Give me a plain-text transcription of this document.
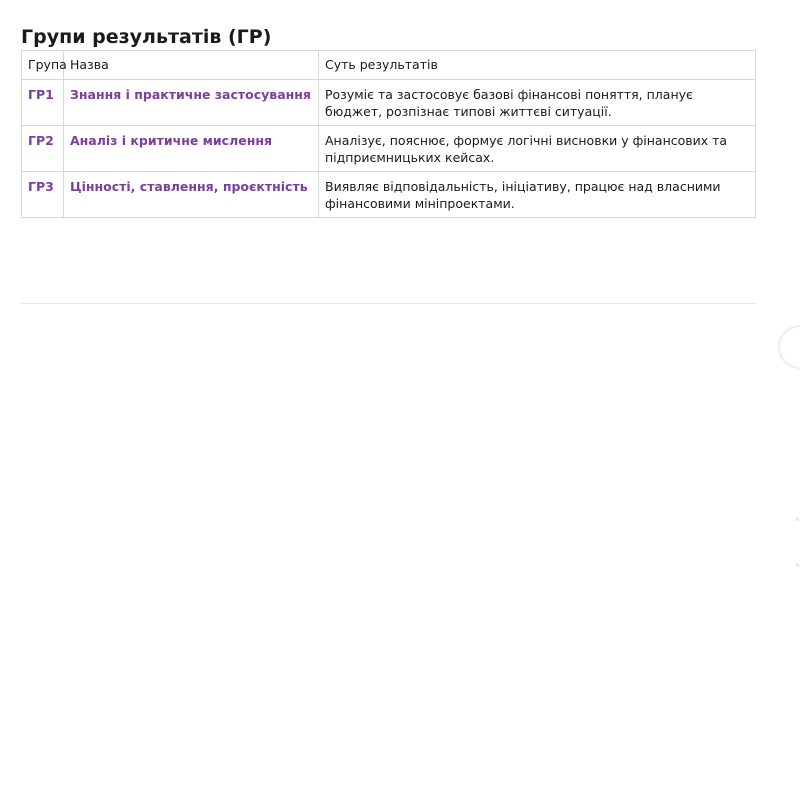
Групи результатів (ГР)
Група	Назва	Суть результатів
ГР1	Знання і практичне застосування	Розуміє та застосовує базові фінансові поняття, планує бюджет, розпізнає типові життєві ситуації.
ГР2	Аналіз і критичне мислення	Аналізує, пояснює, формує логічні висновки у фінансових та підприємницьких кейсах.
ГР3	Цінності, ставлення, проєктність	Виявляє відповідальність, ініціативу, працює над власними фінансовими мініпроектами.
